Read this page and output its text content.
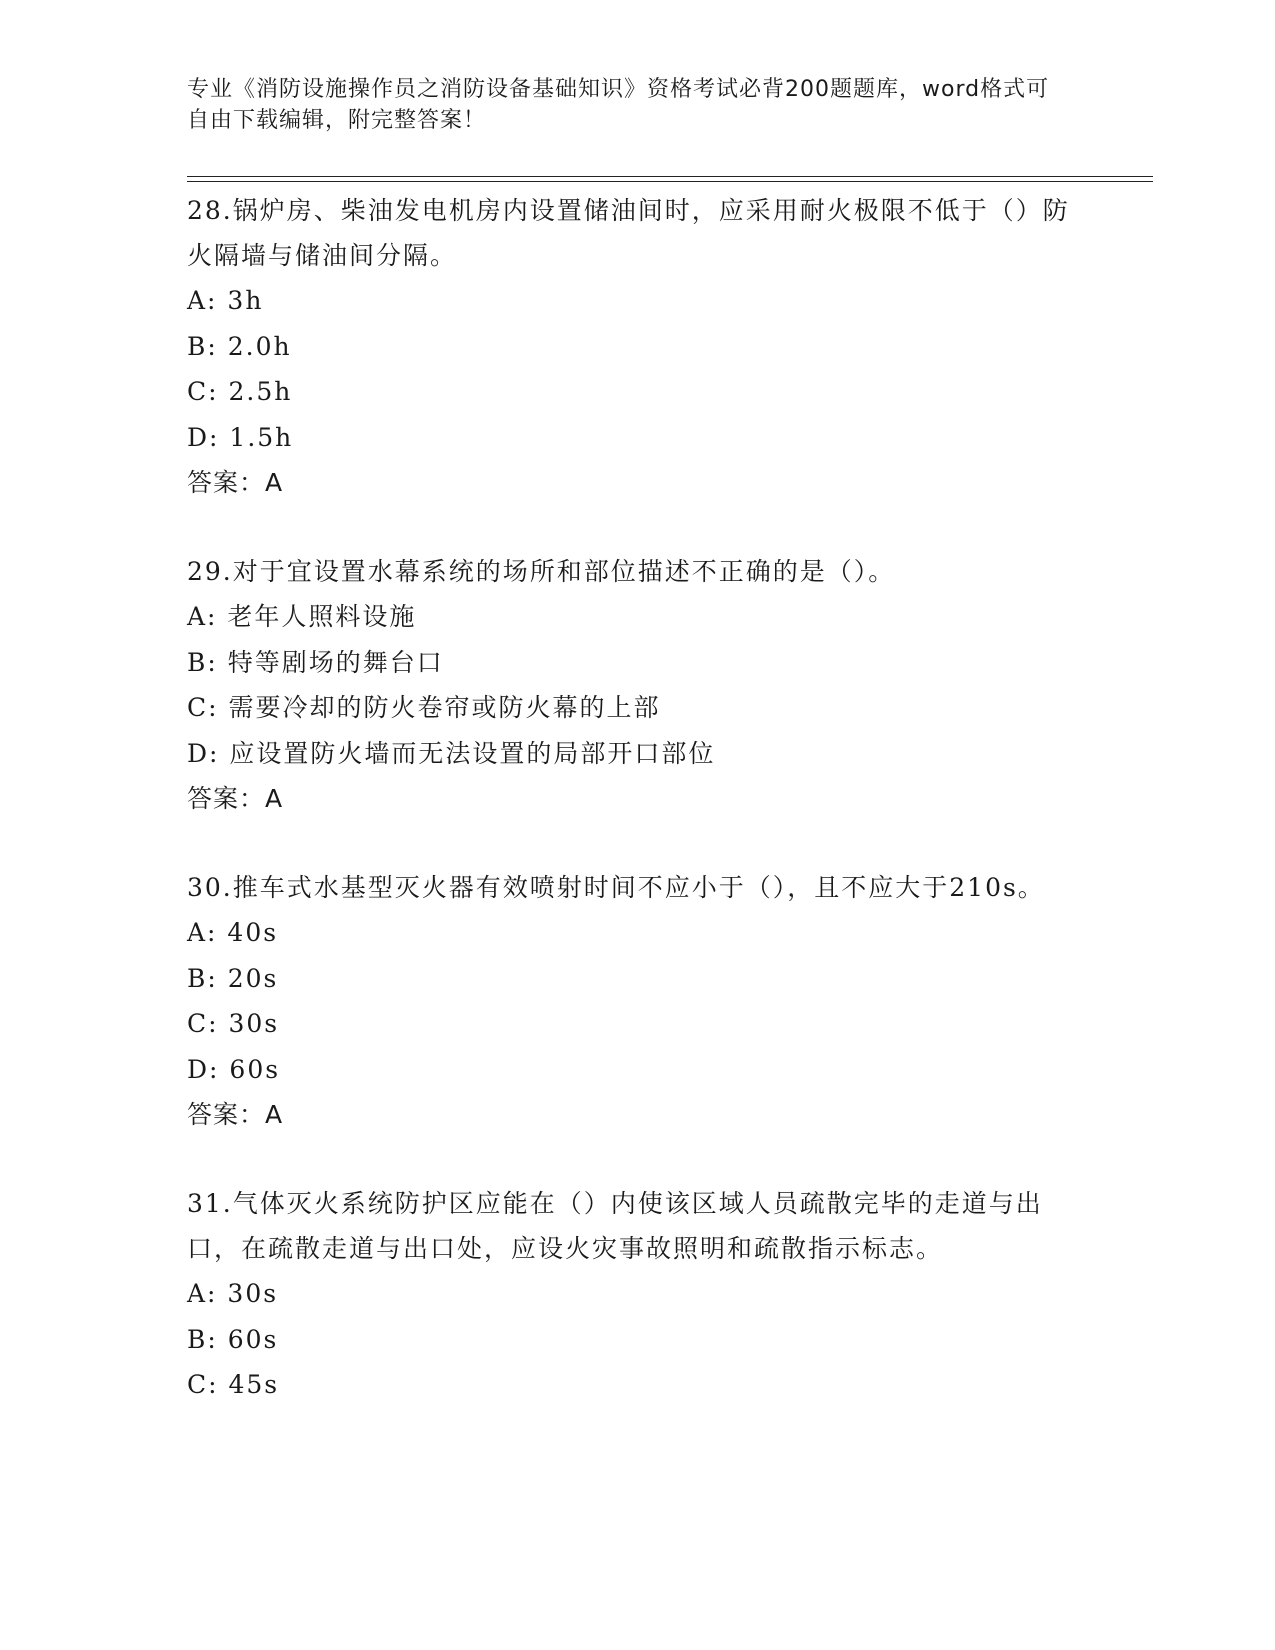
专业《消防设施操作员之消防设备基础知识》资格考试必背200题题库，word格式可自由下载编辑，附完整答案！
28.锅炉房、柴油发电机房内设置储油间时，应采用耐火极限不低于（）防火隔墙与储油间分隔。
A: 3h
B: 2.0h
C: 2.5h
D: 1.5h
答案：A
29.对于宜设置水幕系统的场所和部位描述不正确的是（）。
A: 老年人照料设施
B: 特等剧场的舞台口
C: 需要冷却的防火卷帘或防火幕的上部
D: 应设置防火墙而无法设置的局部开口部位
答案：A
30.推车式水基型灭火器有效喷射时间不应小于（），且不应大于210s。
A: 40s
B: 20s
C: 30s
D: 60s
答案：A
31.气体灭火系统防护区应能在（）内使该区域人员疏散完毕的走道与出口，在疏散走道与出口处，应设火灾事故照明和疏散指示标志。
A: 30s
B: 60s
C: 45s
